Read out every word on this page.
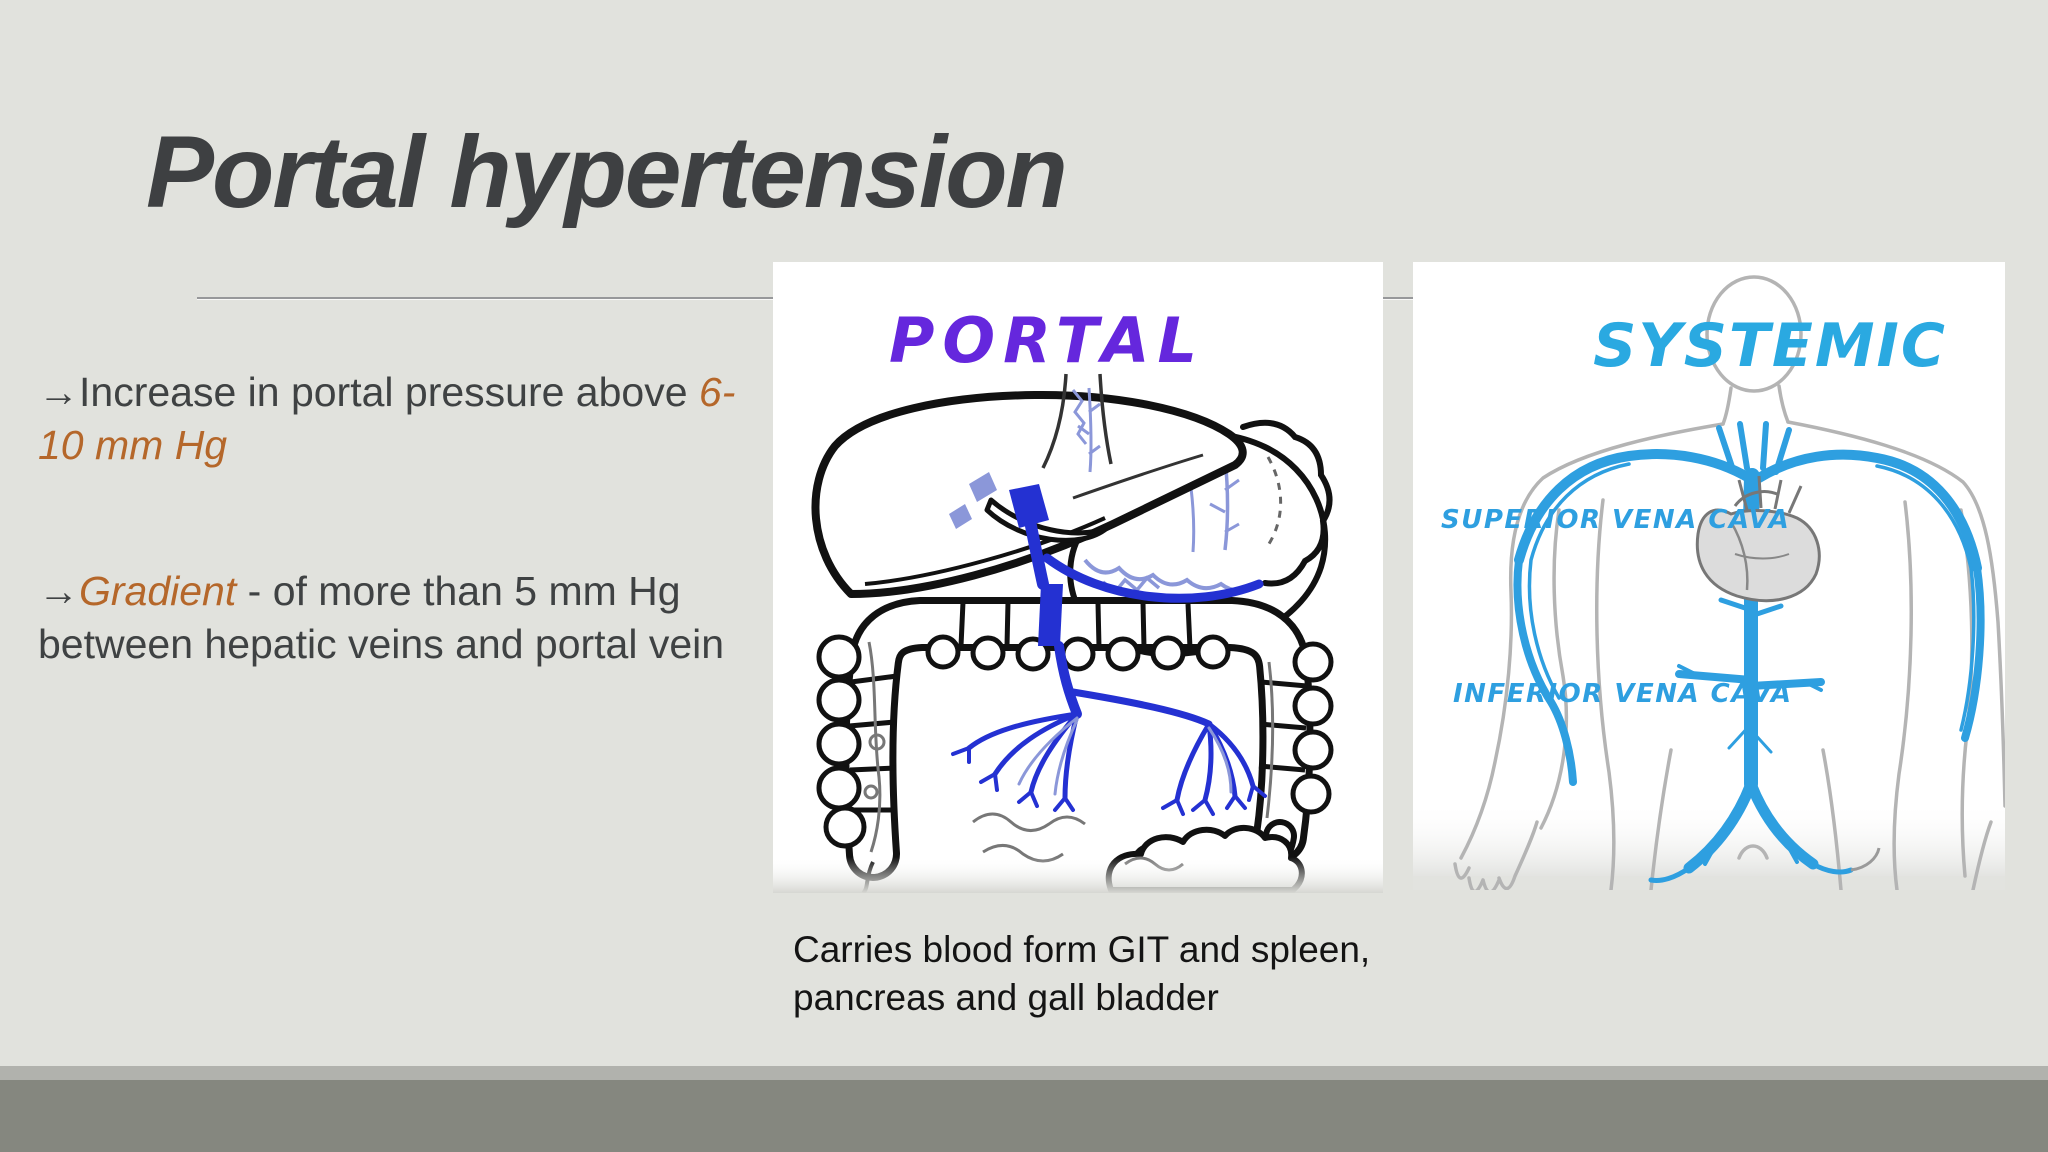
Portal hypertension
→Increase in portal pressure above 6-
10 mm Hg
→Gradient - of more than 5 mm Hg
between hepatic veins and portal vein
PORTAL
SUPERIOR VENA CAVA
INFERIOR VENA CAVA
SYSTEMIC
Carries blood form GIT and spleen,
pancreas and gall bladder
